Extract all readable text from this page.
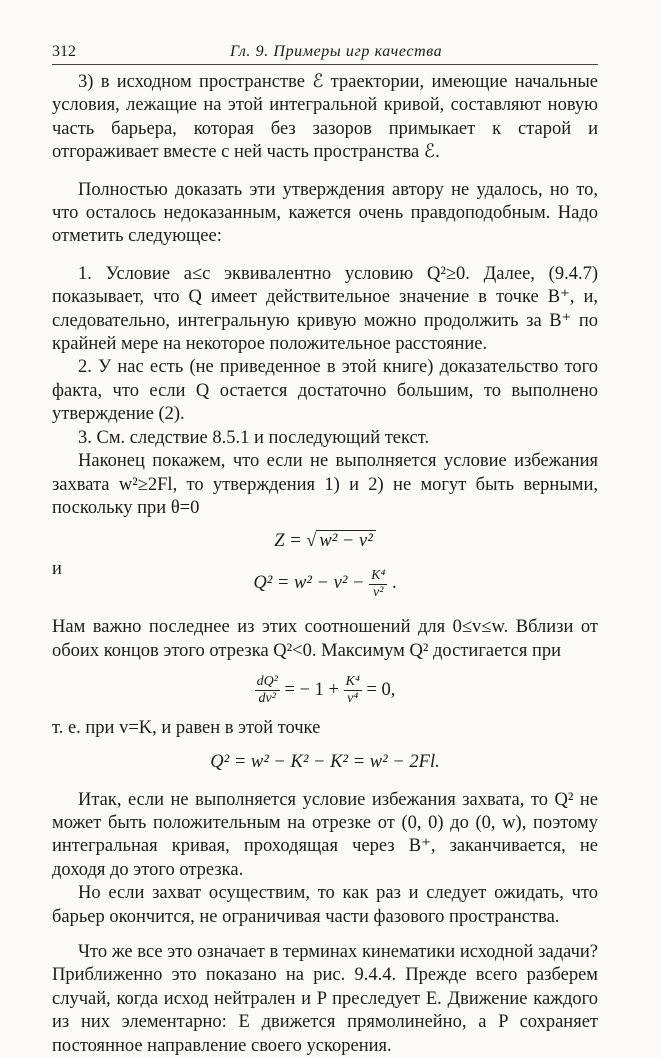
312	Гл. 9. Примеры игр качества

3) в исходном пространстве ℰ траектории, имеющие начальные условия, лежащие на этой интегральной кривой, составляют новую часть барьера, которая без зазоров примыкает к старой и отгораживает вместе с ней часть пространства ℰ.

Полностью доказать эти утверждения автору не удалось, но то, что осталось недоказанным, кажется очень правдоподобным. Надо отметить следующее:

1. Условие a≤c эквивалентно условию Q²≥0. Далее, (9.4.7) показывает, что Q имеет действительное значение в точке B⁺, и, следовательно, интегральную кривую можно продолжить за B⁺ по крайней мере на некоторое положительное расстояние.

2. У нас есть (не приведенное в этой книге) доказательство того факта, что если Q остается достаточно большим, то выполнено утверждение (2).

3. См. следствие 8.5.1 и последующий текст.

Наконец покажем, что если не выполняется условие избежания захвата w²≥2Fl, то утверждения 1) и 2) не могут быть верными, поскольку при θ=0

Z = √ w² − v²
и
$Q^2 = w^2 - v^2 - \frac{\text{K⁴}}{\text{v²}}$ .

Нам важно последнее из этих соотношений для 0≤v≤w. Вблизи от обоих концов этого отрезка Q²<0. Максимум Q² достигается при

$\frac{\text{dQ²}}{\text{dv²}}$ = − $1 + \frac{\text{K⁴}}{\text{v⁴}} = 0$,

т. е. при v=K, и равен в этой точке

Q² = w² − K² − K² = w² − 2Fl.

Итак, если не выполняется условие избежания захвата, то Q² не может быть положительным на отрезке от (0, 0) до (0, w), поэтому интегральная кривая, проходящая через B⁺, заканчивается, не доходя до этого отрезка.

Но если захват осуществим, то как раз и следует ожидать, что барьер окончится, не ограничивая части фазового пространства.

Что же все это означает в терминах кинематики исходной задачи? Приближенно это показано на рис. 9.4.4. Прежде всего разберем случай, когда исход нейтрален и P преследует E. Движение каждого из них элементарно: E движется прямолинейно, а P сохраняет постоянное направление своего ускорения.
